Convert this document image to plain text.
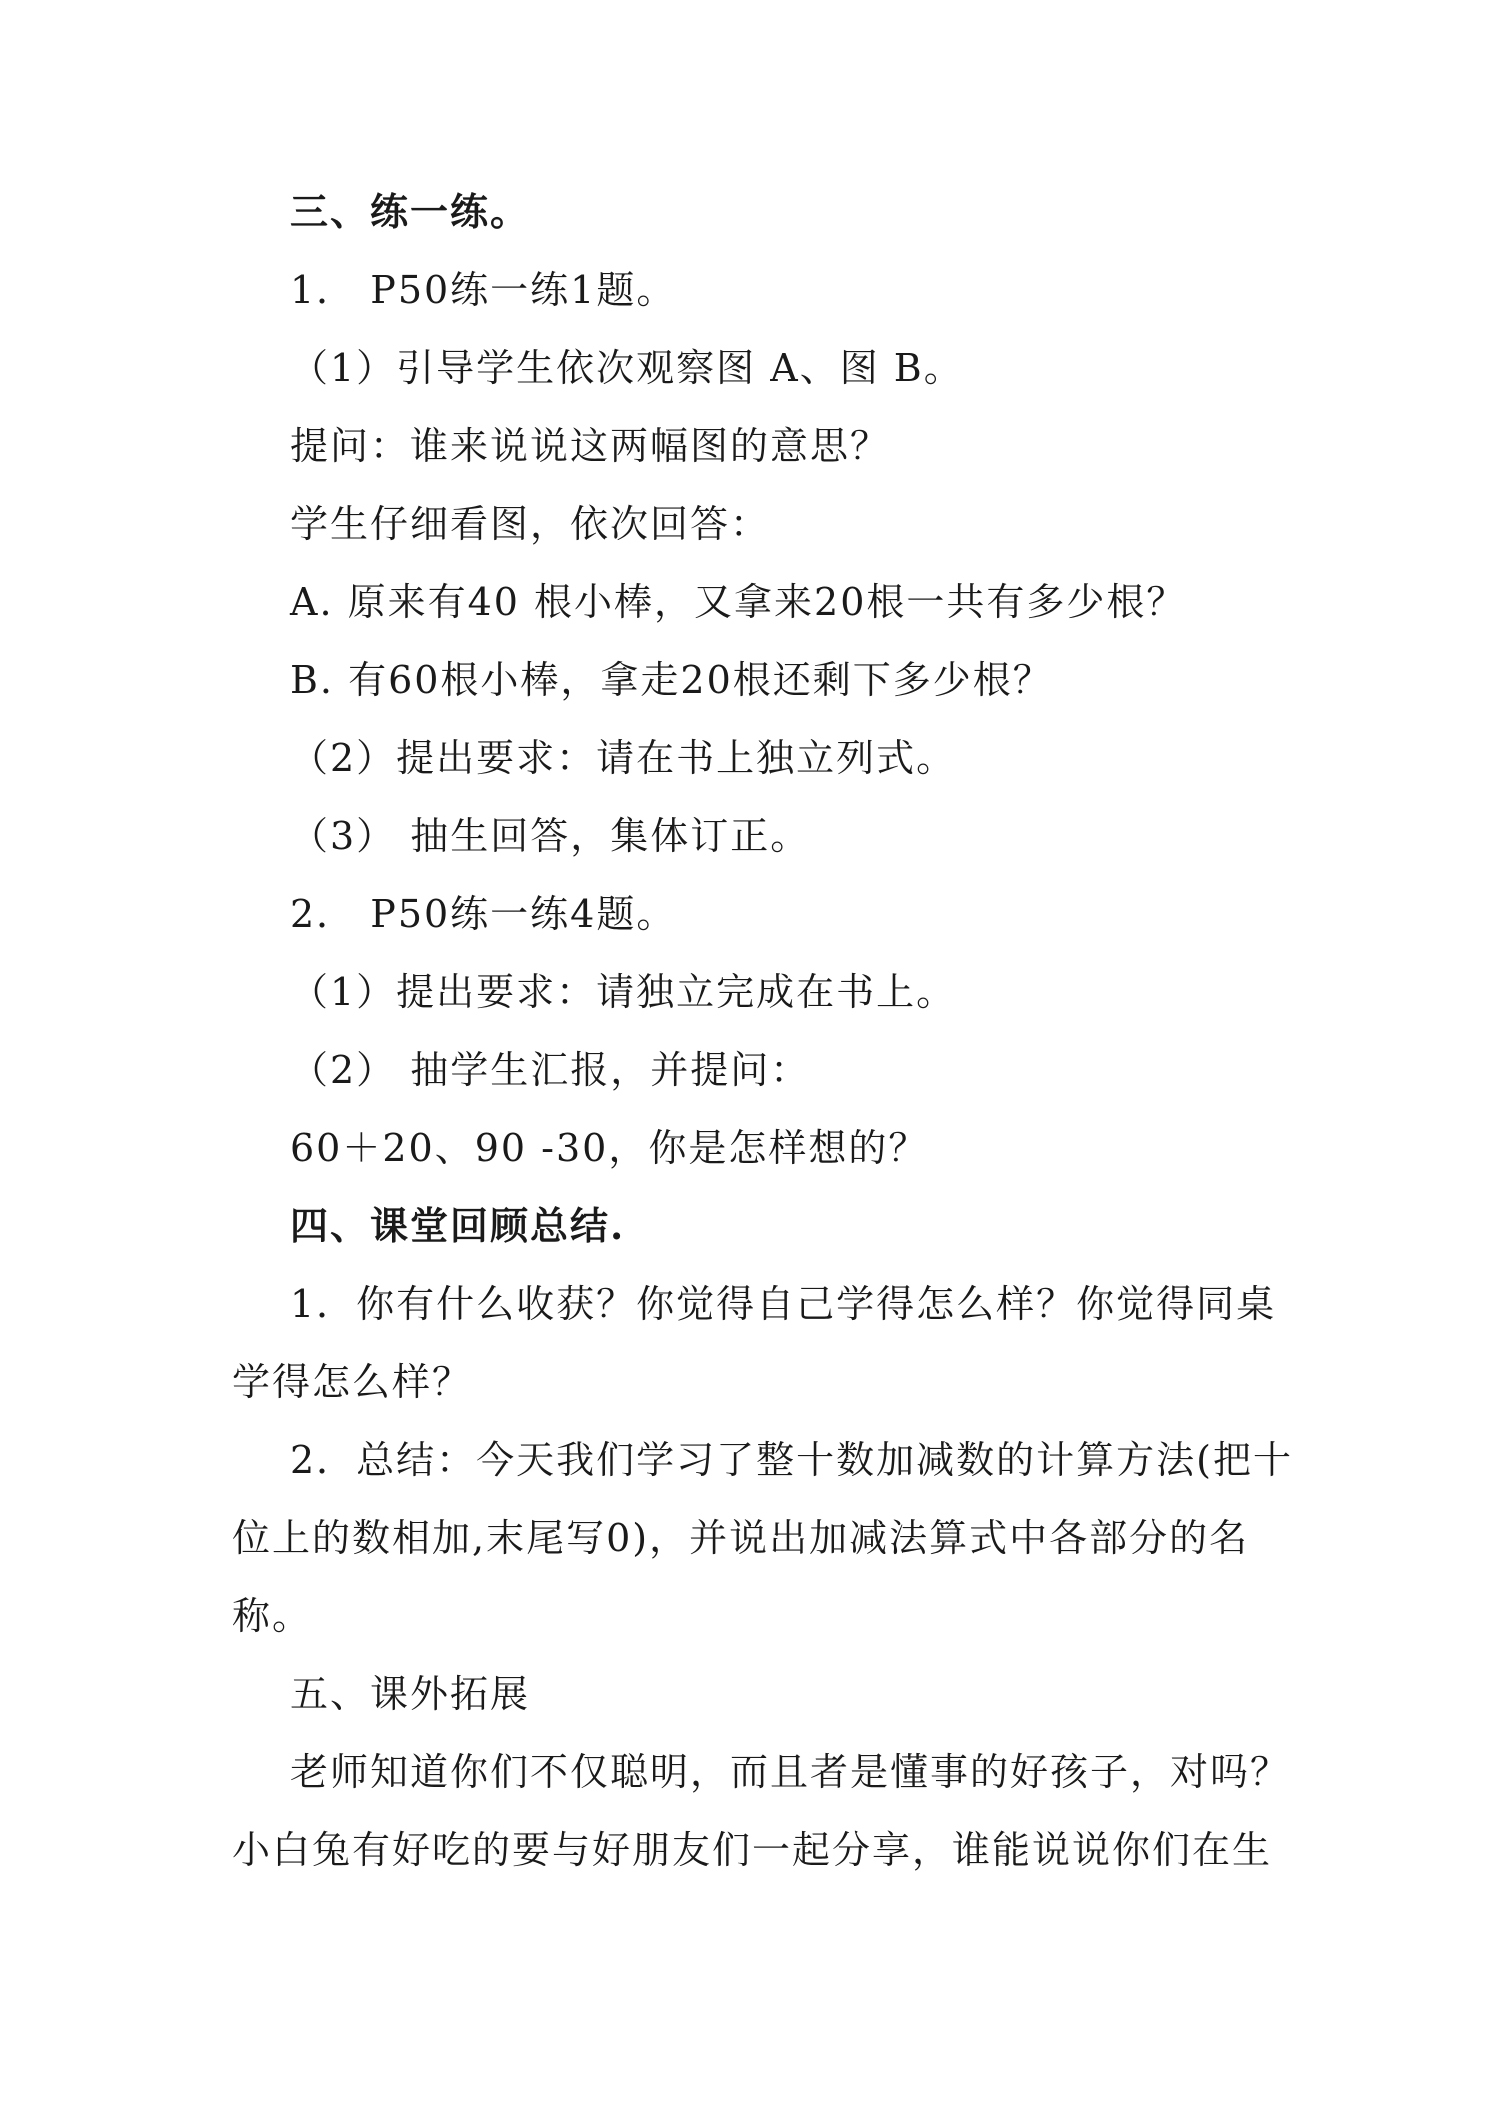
三、练一练。
1． P50练一练1题。
（1）引导学生依次观察图 A、图 B。
提问：谁来说说这两幅图的意思？
学生仔细看图，依次回答：
A. 原来有40 根小棒，又拿来20根一共有多少根？
B. 有60根小棒，拿走20根还剩下多少根？
（2）提出要求：请在书上独立列式。
（3） 抽生回答，集体订正。
2． P50练一练4题。
（1）提出要求：请独立完成在书上。
（2） 抽学生汇报，并提问：
60＋20、90 -30，你是怎样想的？
四、课堂回顾总结.
1．你有什么收获？你觉得自己学得怎么样？你觉得同桌
学得怎么样？
2．总结：今天我们学习了整十数加减数的计算方法(把十
位上的数相加,末尾写0)，并说出加减法算式中各部分的名
称。
五、课外拓展
老师知道你们不仅聪明，而且者是懂事的好孩子，对吗？
小白兔有好吃的要与好朋友们一起分享，谁能说说你们在生
